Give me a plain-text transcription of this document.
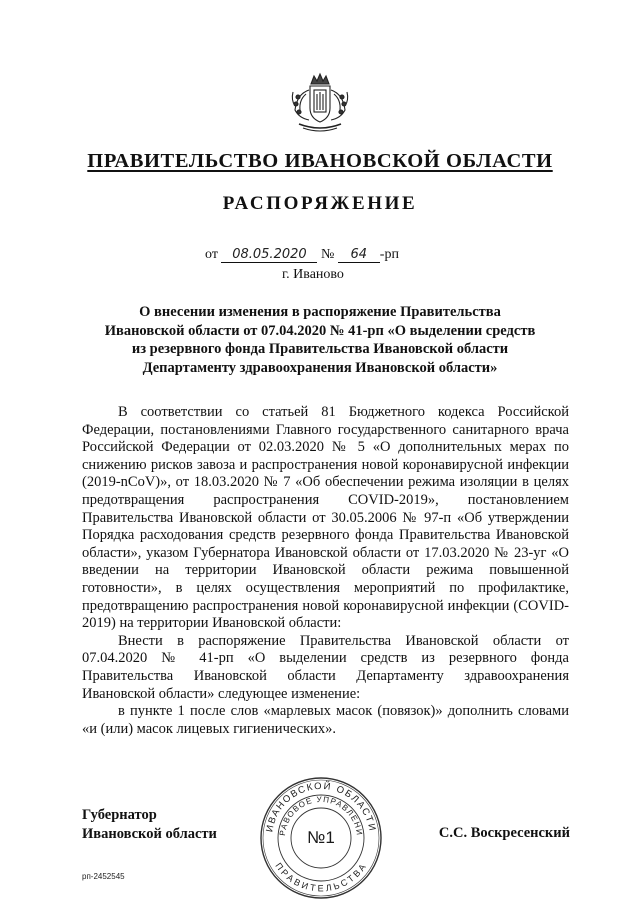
ПРАВИТЕЛЬСТВО ИВАНОВСКОЙ ОБЛАСТИ
РАСПОРЯЖЕНИЕ
от 08.05.2020 № 64 -рп
г. Иваново
О внесении изменения в распоряжение Правительства
Ивановской области от 07.04.2020 № 41-рп «О выделении средств
из резервного фонда Правительства Ивановской области
Департаменту здравоохранения Ивановской области»

В соответствии со статьей 81 Бюджетного кодекса Российской Федерации, постановлениями Главного государственного санитарного врача Российской Федерации от 02.03.2020 № 5 «О дополнительных мерах по снижению рисков завоза и распространения новой коронавирусной инфекции (2019-nCoV)», от 18.03.2020 № 7 «Об обеспечении режима изоляции в целях предотвращения распространения COVID-2019», постановлением Правительства Ивановской области от 30.05.2006 № 97-п «Об утверждении Порядка расходования средств резервного фонда Правительства Ивановской области», указом Губернатора Ивановской области от 17.03.2020 № 23-уг «О введении на территории Ивановской области режима повышенной готовности», в целях осуществления мероприятий по профилактике, предотвращению распространения новой коронавирусной инфекции (COVID-2019) на территории Ивановской области:

Внести в распоряжение Правительства Ивановской области от 07.04.2020 № 41-рп «О выделении средств из резервного фонда Правительства Ивановской области Департаменту здравоохранения Ивановской области» следующее изменение:

в пункте 1 после слов «марлевых масок (повязок)» дополнить словами «и (или) масок лицевых гигиенических».

Губернатор
Ивановской области	ИВАНОВСКОЙ ОБЛАСТИ
РАВОВОЕ УПРАВЛЕНИ
ПРАВИТЕЛЬСТВА
№1	С.С. Воскресенский
рп-2452545
